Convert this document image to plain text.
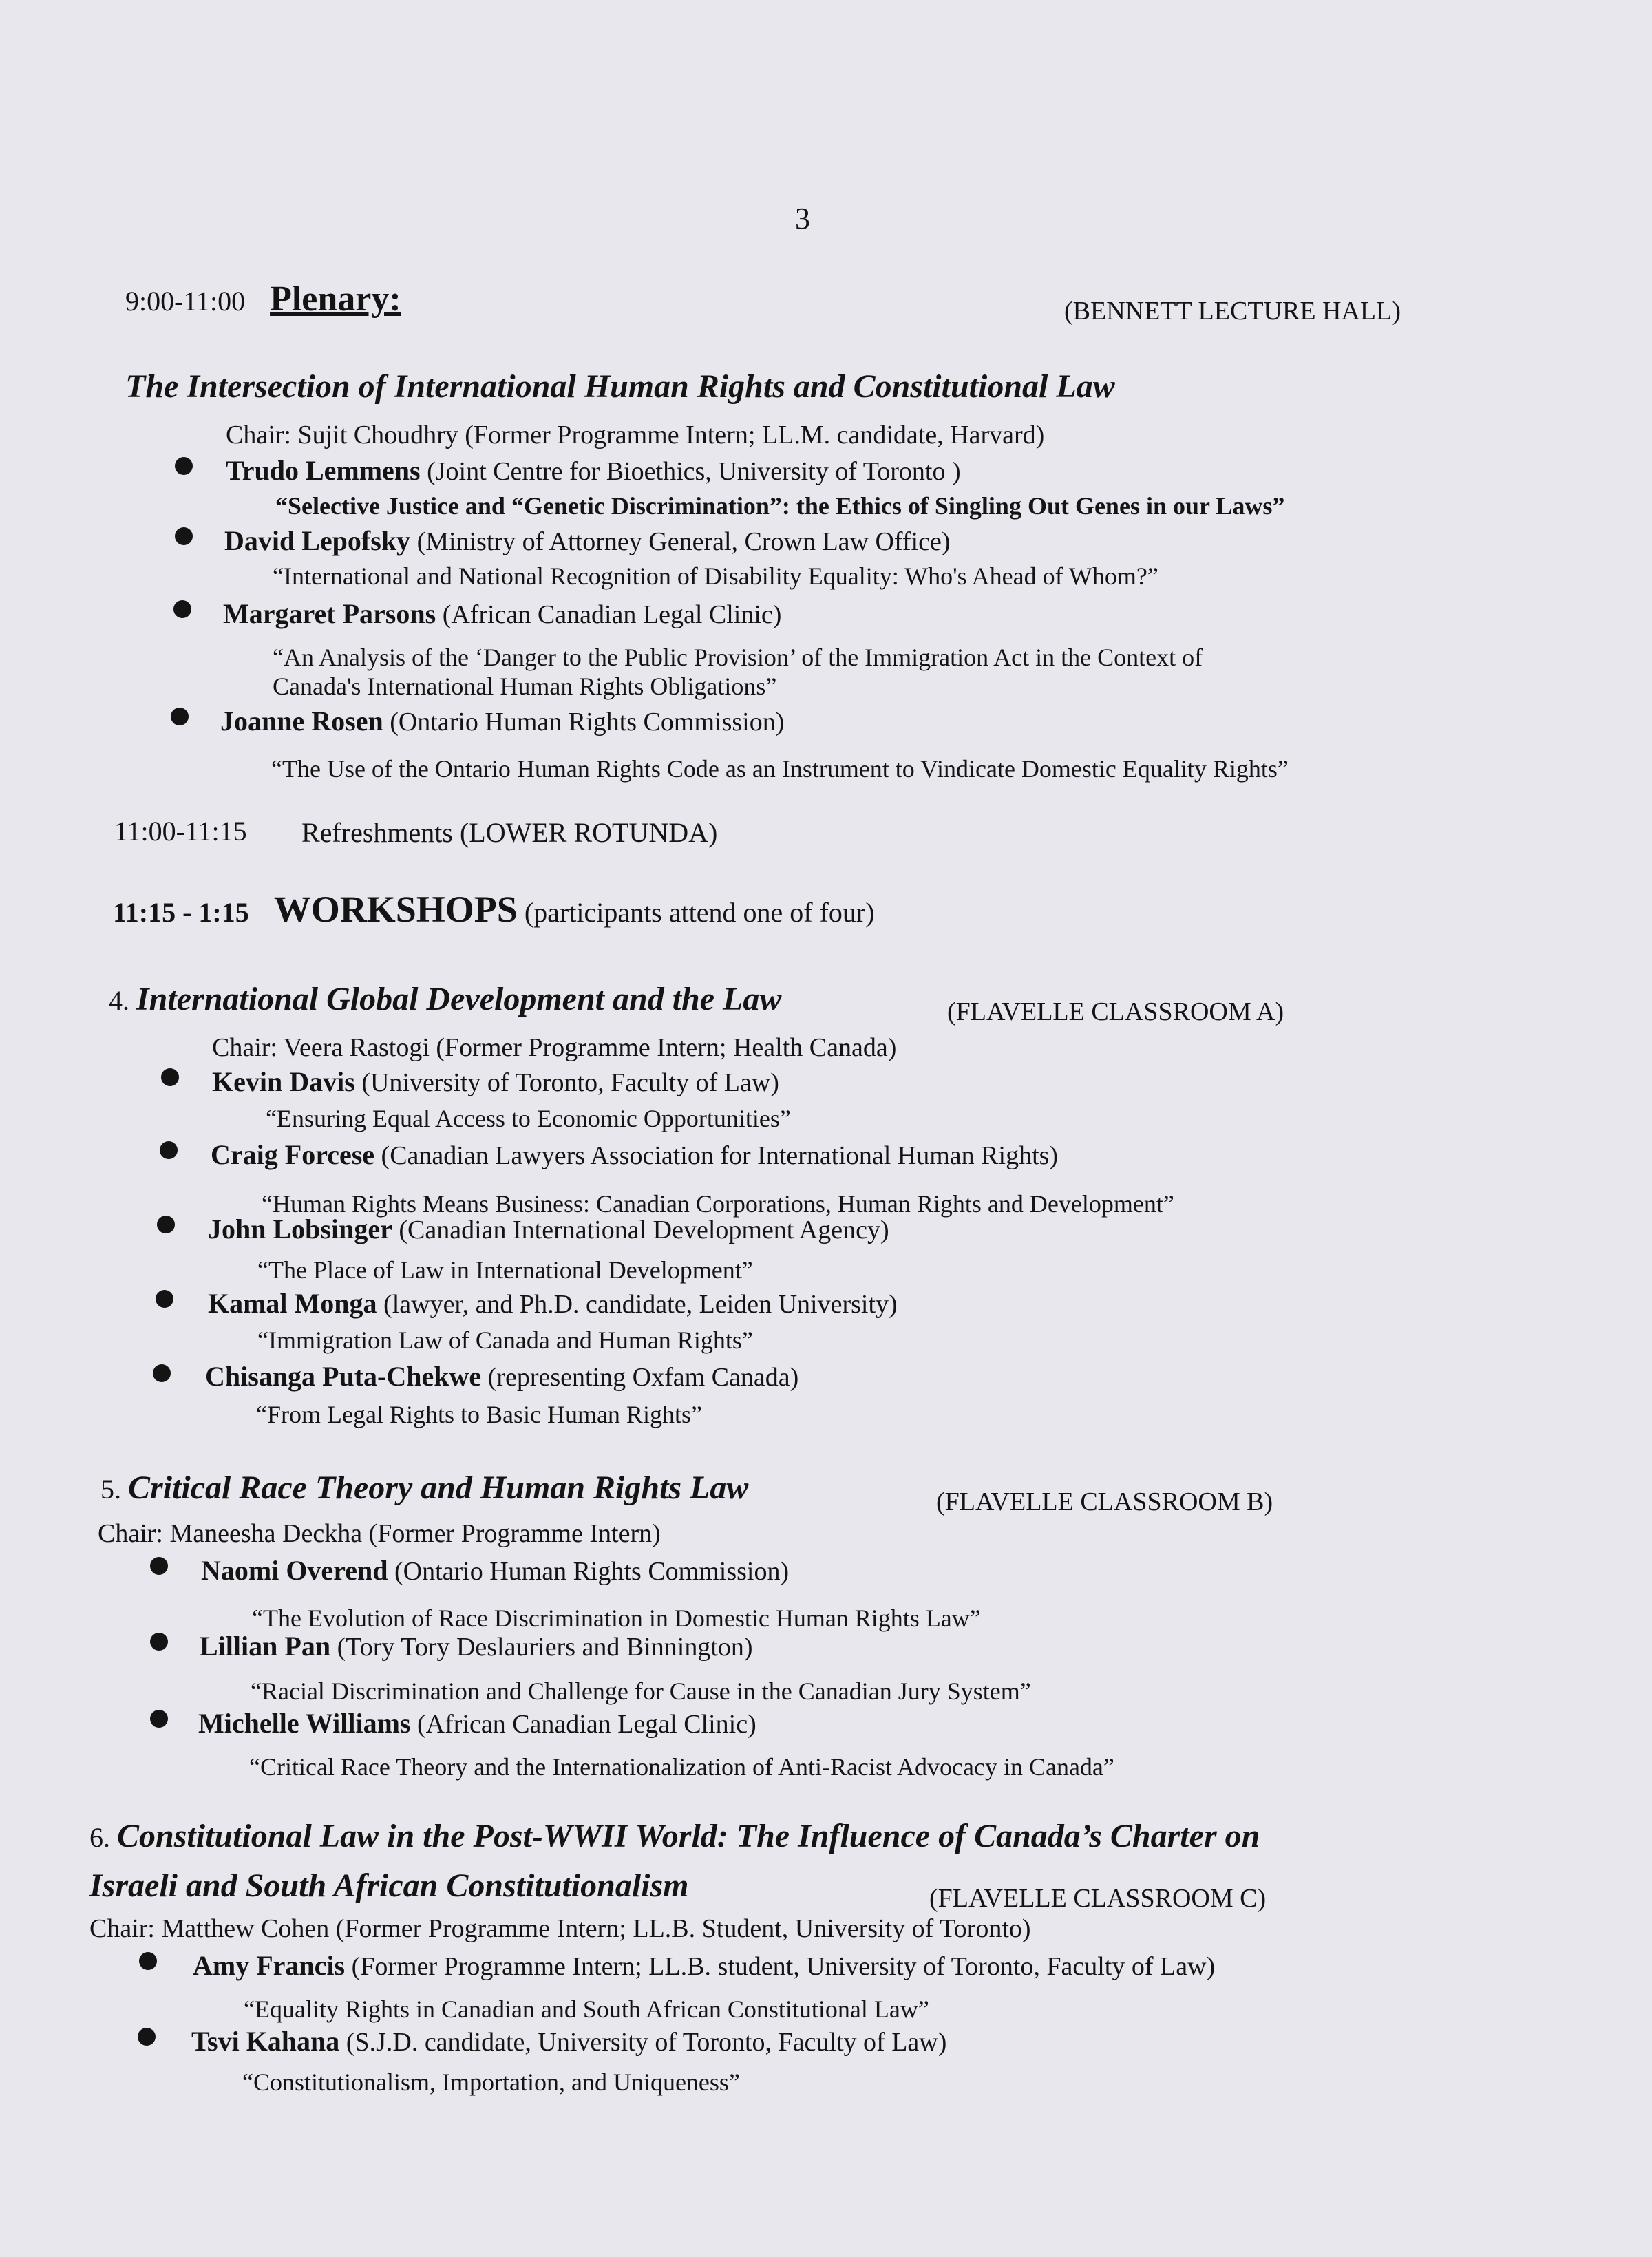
3
9:00-11:00 Plenary:	(BENNETT LECTURE HALL)
The Intersection of International Human Rights and Constitutional Law
Chair: Sujit Choudhry (Former Programme Intern; LL.M. candidate, Harvard)
Trudo Lemmens (Joint Centre for Bioethics, University of Toronto )
“Selective Justice and “Genetic Discrimination”: the Ethics of Singling Out Genes in our Laws”
David Lepofsky (Ministry of Attorney General, Crown Law Office)
“International and National Recognition of Disability Equality: Who's Ahead of Whom?”
Margaret Parsons (African Canadian Legal Clinic)
“An Analysis of the ‘Danger to the Public Provision’ of the Immigration Act in the Context of
Canada's International Human Rights Obligations”
Joanne Rosen (Ontario Human Rights Commission)
“The Use of the Ontario Human Rights Code as an Instrument to Vindicate Domestic Equality Rights”
11:00-11:15 Refreshments (LOWER ROTUNDA)
11:15 - 1:15 WORKSHOPS (participants attend one of four)
4. International Global Development and the Law	(FLAVELLE CLASSROOM A)
Chair: Veera Rastogi (Former Programme Intern; Health Canada)
Kevin Davis (University of Toronto, Faculty of Law)
“Ensuring Equal Access to Economic Opportunities”
Craig Forcese (Canadian Lawyers Association for International Human Rights)
“Human Rights Means Business: Canadian Corporations, Human Rights and Development”
John Lobsinger (Canadian International Development Agency)
“The Place of Law in International Development”
Kamal Monga (lawyer, and Ph.D. candidate, Leiden University)
“Immigration Law of Canada and Human Rights”
Chisanga Puta-Chekwe (representing Oxfam Canada)
“From Legal Rights to Basic Human Rights”
5. Critical Race Theory and Human Rights Law	(FLAVELLE CLASSROOM B)
Chair: Maneesha Deckha (Former Programme Intern)
Naomi Overend (Ontario Human Rights Commission)
“The Evolution of Race Discrimination in Domestic Human Rights Law”
Lillian Pan (Tory Tory Deslauriers and Binnington)
“Racial Discrimination and Challenge for Cause in the Canadian Jury System”
Michelle Williams (African Canadian Legal Clinic)
“Critical Race Theory and the Internationalization of Anti-Racist Advocacy in Canada”
6. Constitutional Law in the Post-WWII World: The Influence of Canada’s Charter on
Israeli and South African Constitutionalism	(FLAVELLE CLASSROOM C)
Chair: Matthew Cohen (Former Programme Intern; LL.B. Student, University of Toronto)
Amy Francis (Former Programme Intern; LL.B. student, University of Toronto, Faculty of Law)
“Equality Rights in Canadian and South African Constitutional Law”
Tsvi Kahana (S.J.D. candidate, University of Toronto, Faculty of Law)
“Constitutionalism, Importation, and Uniqueness”
